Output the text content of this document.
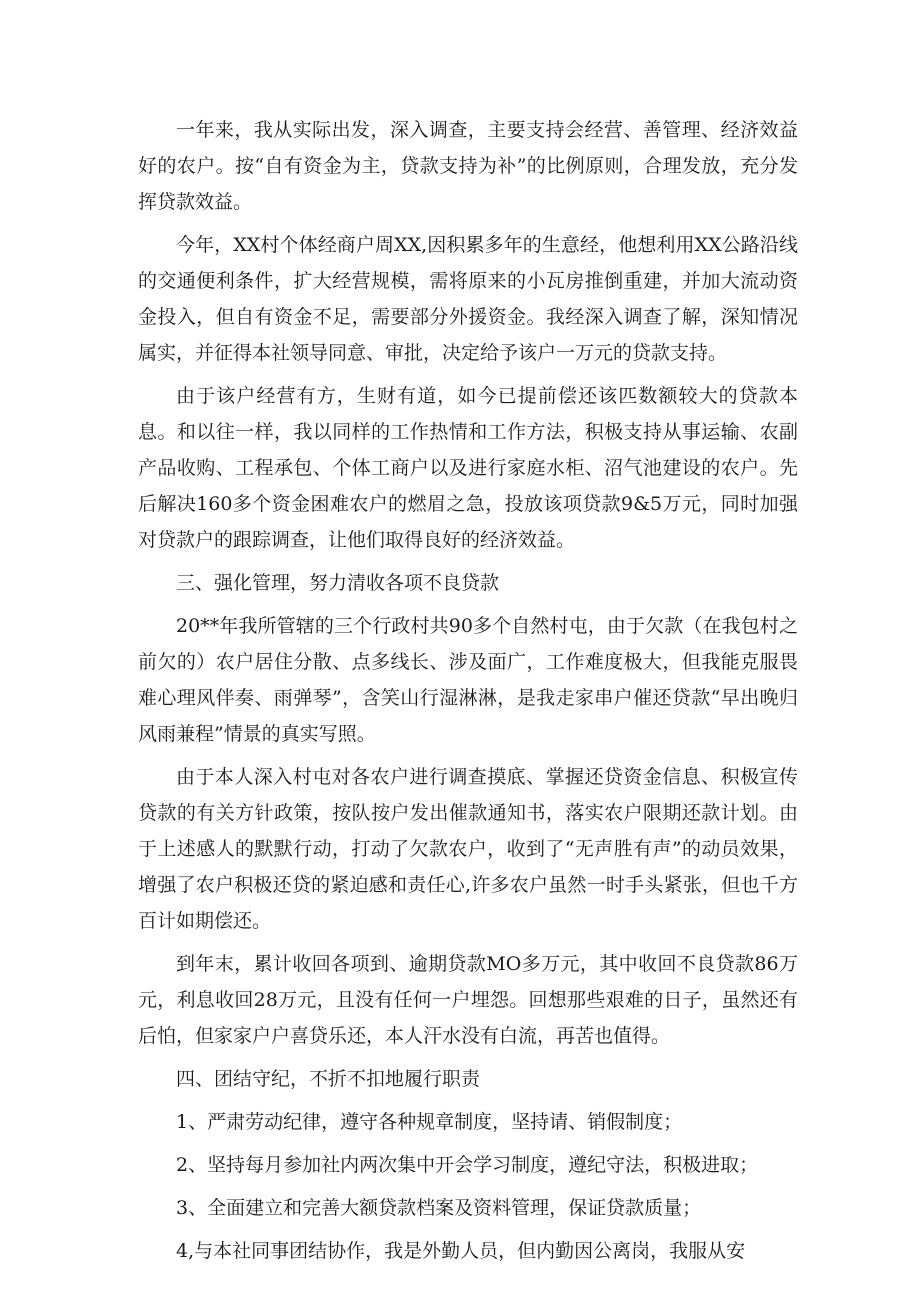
一年来，我从实际出发，深入调查，主要支持会经营、善管理、经济效益好的农户。按“自有资金为主，贷款支持为补”的比例原则，合理发放，充分发挥贷款效益。

今年，XX村个体经商户周XX,因积累多年的生意经，他想利用XX公路沿线的交通便利条件，扩大经营规模，需将原来的小瓦房推倒重建，并加大流动资金投入，但自有资金不足，需要部分外援资金。我经深入调查了解，深知情况属实，并征得本社领导同意、审批，决定给予该户一万元的贷款支持。

由于该户经营有方，生财有道，如今已提前偿还该匹数额较大的贷款本息。和以往一样，我以同样的工作热情和工作方法，积极支持从事运输、农副产品收购、工程承包、个体工商户以及进行家庭水柜、沼气池建设的农户。先后解决160多个资金困难农户的燃眉之急，投放该项贷款9&5万元，同时加强对贷款户的跟踪调查，让他们取得良好的经济效益。

三、强化管理，努力清收各项不良贷款

20**年我所管辖的三个行政村共90多个自然村屯，由于欠款（在我包村之前欠的）农户居住分散、点多线长、涉及面广，工作难度极大，但我能克服畏难心理风伴奏、雨弹琴”，含笑山行湿淋淋，是我走家串户催还贷款“早出晚归风雨兼程”情景的真实写照。

由于本人深入村屯对各农户进行调查摸底、掌握还贷资金信息、积极宣传贷款的有关方针政策，按队按户发出催款通知书，落实农户限期还款计划。由于上述感人的默默行动，打动了欠款农户，收到了“无声胜有声”的动员效果，增强了农户积极还贷的紧迫感和责任心,许多农户虽然一时手头紧张，但也千方百计如期偿还。

到年末，累计收回各项到、逾期贷款MO多万元，其中收回不良贷款86万元，利息收回28万元，且没有任何一户埋怨。回想那些艰难的日子，虽然还有后怕，但家家户户喜贷乐还，本人汗水没有白流，再苦也值得。

四、团结守纪，不折不扣地履行职责

1、严肃劳动纪律，遵守各种规章制度，坚持请、销假制度；

2、坚持每月参加社内两次集中开会学习制度，遵纪守法，积极进取；

3、全面建立和完善大额贷款档案及资料管理，保证贷款质量；

4,与本社同事团结协作，我是外勤人员，但内勤因公离岗，我服从安
